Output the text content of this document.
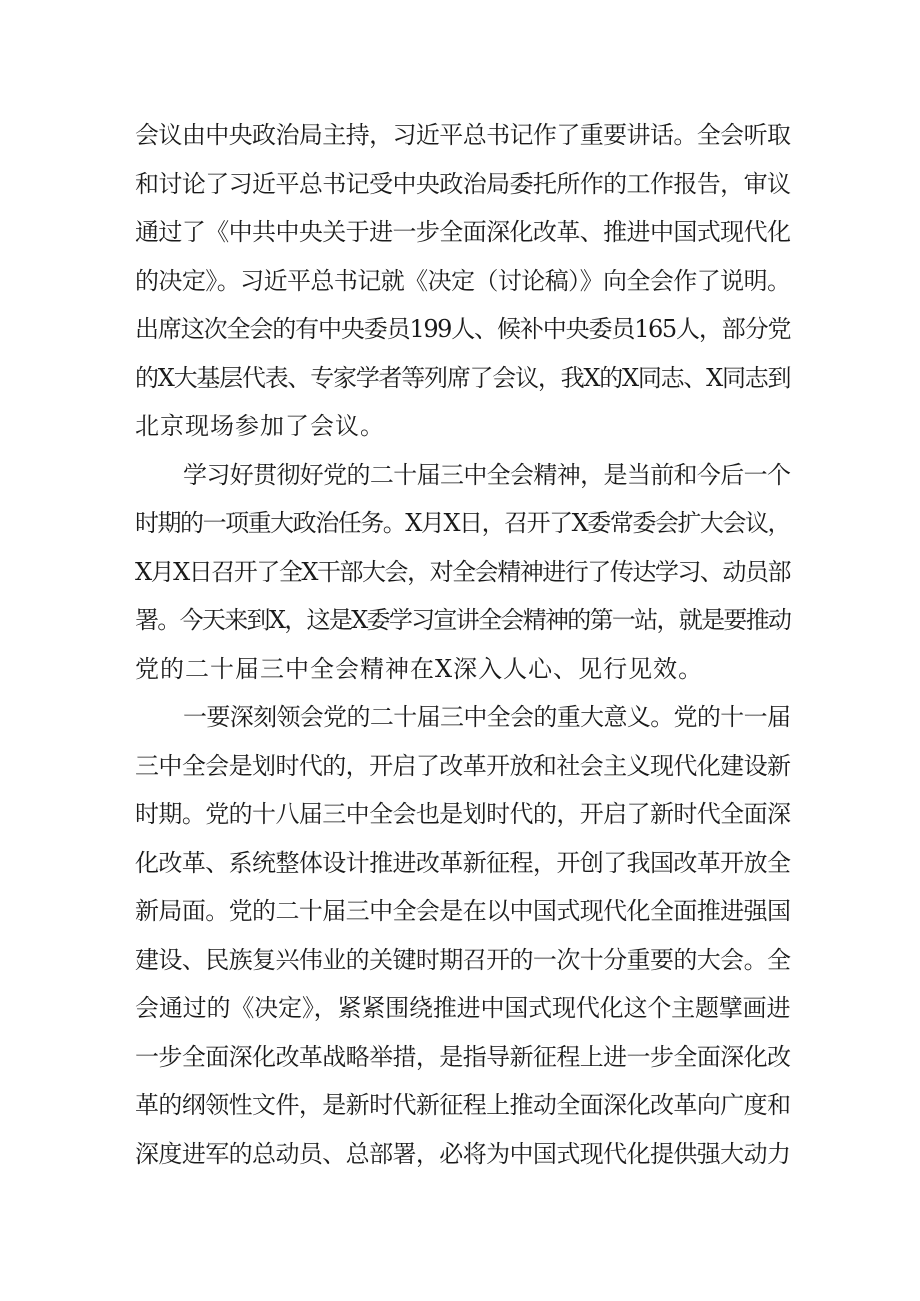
会议由中央政治局主持，习近平总书记作了重要讲话。全会听取
和讨论了习近平总书记受中央政治局委托所作的工作报告，审议
通过了《中共中央关于进一步全面深化改革、推进中国式现代化
的决定》。习近平总书记就《决定（讨论稿）》向全会作了说明。
出席这次全会的有中央委员199人、候补中央委员165人，部分党
的X大基层代表、专家学者等列席了会议，我X的X同志、X同志到
北京现场参加了会议。
学习好贯彻好党的二十届三中全会精神，是当前和今后一个
时期的一项重大政治任务。X月X日，召开了X委常委会扩大会议，
X月X日召开了全X干部大会，对全会精神进行了传达学习、动员部
署。今天来到X，这是X委学习宣讲全会精神的第一站，就是要推动
党的二十届三中全会精神在X深入人心、见行见效。
一要深刻领会党的二十届三中全会的重大意义。党的十一届
三中全会是划时代的，开启了改革开放和社会主义现代化建设新
时期。党的十八届三中全会也是划时代的，开启了新时代全面深
化改革、系统整体设计推进改革新征程，开创了我国改革开放全
新局面。党的二十届三中全会是在以中国式现代化全面推进强国
建设、民族复兴伟业的关键时期召开的一次十分重要的大会。全
会通过的《决定》，紧紧围绕推进中国式现代化这个主题擘画进
一步全面深化改革战略举措，是指导新征程上进一步全面深化改
革的纲领性文件，是新时代新征程上推动全面深化改革向广度和
深度进军的总动员、总部署，必将为中国式现代化提供强大动力
